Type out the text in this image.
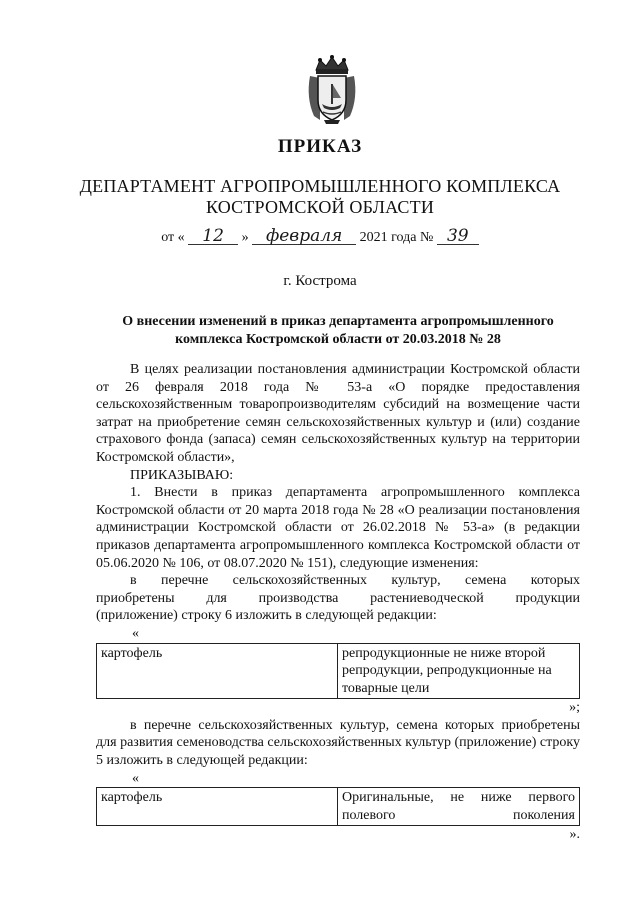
ПРИКАЗ
ДЕПАРТАМЕНТ АГРОПРОМЫШЛЕННОГО КОМПЛЕКСА
КОСТРОМСКОЙ ОБЛАСТИ
от « 12 » февраля 2021 года № 39
г. Кострома
О внесении изменений в приказ департамента агропромышленного
комплекса Костромской области от 20.03.2018 № 28

В целях реализации постановления администрации Костромской области от 26 февраля 2018 года № 53-а «О порядке предоставления сельскохозяйственным товаропроизводителям субсидий на возмещение части затрат на приобретение семян сельскохозяйственных культур и (или) создание страхового фонда (запаса) семян сельскохозяйственных культур на территории Костромской области»,

ПРИКАЗЫВАЮ:

1. Внести в приказ департамента агропромышленного комплекса Костромской области от 20 марта 2018 года № 28 «О реализации постановления администрации Костромской области от 26.02.2018 № 53-а» (в редакции приказов департамента агропромышленного комплекса Костромской области от 05.06.2020 № 106, от 08.07.2020 № 151), следующие изменения:

в перечне сельскохозяйственных культур, семена которых

приобретены для производства растениеводческой продукции

(приложение) строку 6 изложить в следующей редакции:

«

картофель	репродукционные не ниже второй репродукции, репродукционные на товарные цели

»;

в перечне сельскохозяйственных культур, семена которых приобретены для развития семеноводства сельскохозяйственных культур (приложение) строку 5 изложить в следующей редакции:

«

картофель	Оригинальные, не ниже первого полевого поколения

».
